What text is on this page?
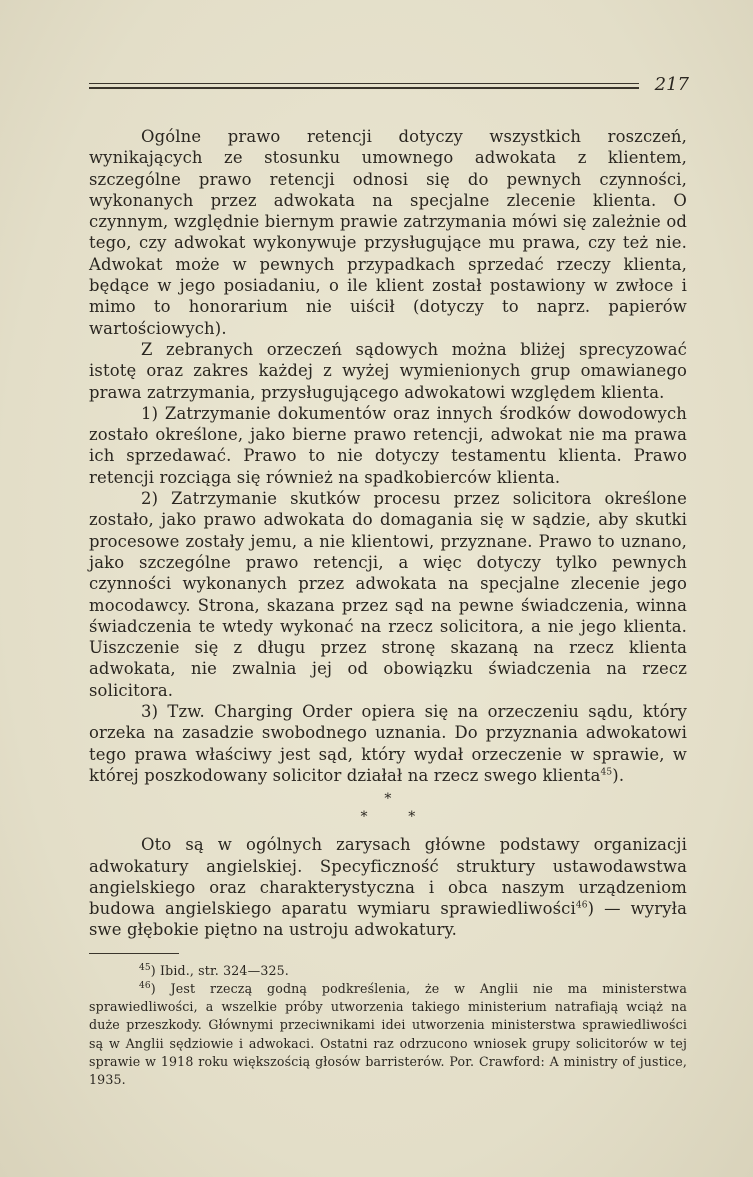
217

Ogólne prawo retencji dotyczy wszystkich roszczeń, wynikających ze stosunku umownego adwokata z klientem, szczególne prawo retencji odnosi się do pewnych czynności, wykonanych przez adwokata na specjalne zlecenie klienta. O czynnym, względnie biernym prawie zatrzymania mówi się zależnie od tego, czy adwokat wykonywuje przysługujące mu prawa, czy też nie. Adwokat może w pewnych przypadkach sprzedać rzeczy klienta, będące w jego posiadaniu, o ile klient został postawiony w zwłoce i mimo to honorarium nie uiścił (dotyczy to naprz. papierów wartościowych).

Z zebranych orzeczeń sądowych można bliżej sprecyzować istotę oraz zakres każdej z wyżej wymienionych grup omawianego prawa zatrzymania, przysługującego adwokatowi względem klienta.

1) Zatrzymanie dokumentów oraz innych środków dowodowych zostało określone, jako bierne prawo retencji, adwokat nie ma prawa ich sprzedawać. Prawo to nie dotyczy testamentu klienta. Prawo retencji rozciąga się również na spadkobierców klienta.

2) Zatrzymanie skutków procesu przez solicitora określone zostało, jako prawo adwokata do domagania się w sądzie, aby skutki procesowe zostały jemu, a nie klientowi, przyznane. Prawo to uznano, jako szczególne prawo retencji, a więc dotyczy tylko pewnych czynności wykonanych przez adwokata na specjalne zlecenie jego mocodawcy. Strona, skazana przez sąd na pewne świadczenia, winna świadczenia te wtedy wykonać na rzecz solicitora, a nie jego klienta. Uiszczenie się z długu przez stronę skazaną na rzecz klienta adwokata, nie zwalnia jej od obowiązku świadczenia na rzecz solicitora.

3) Tzw. Charging Order opiera się na orzeczeniu sądu, który orzeka na zasadzie swobodnego uznania. Do przyznania adwokatowi tego prawa właściwy jest sąd, który wydał orzeczenie w sprawie, w której poszkodowany solicitor działał na rzecz swego klienta$^{45}$).

*
* *

Oto są w ogólnych zarysach główne podstawy organizacji adwokatury angielskiej. Specyficzność struktury ustawodawstwa angielskiego oraz charakterystyczna i obca naszym urządzeniom budowa angielskiego aparatu wymiaru sprawiedliwości$^{46}$) — wyryła swe głębokie piętno na ustroju adwokatury.

$^{45}$) Ibid., str. 324—325.

$^{46}$) Jest rzeczą godną podkreślenia, że w Anglii nie ma ministerstwa sprawiedliwości, a wszelkie próby utworzenia takiego ministerium natrafiają wciąż na duże przeszkody. Głównymi przeciwnikami idei utworzenia ministerstwa sprawiedliwości są w Anglii sędziowie i adwokaci. Ostatni raz odrzucono wniosek grupy solicitorów w tej sprawie w 1918 roku większością głosów barristerów. Por. Crawford: A ministry of justice, 1935.
